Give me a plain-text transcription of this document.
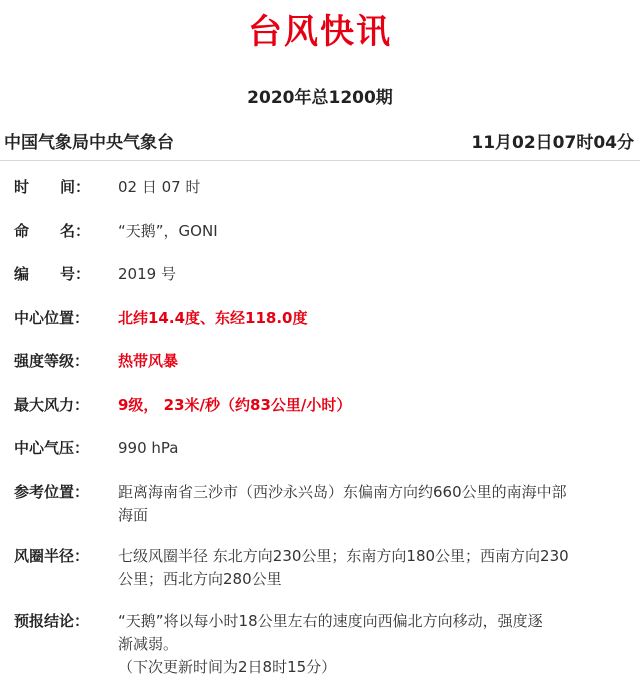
台风快讯
2020年总1200期
中国气象局中央气象台	11月02日07时04分
时 间： 02 日 07 时
命 名： “天鹅”，GONI
编 号： 2019 号
中心位置：	北纬14.4度、东经118.0度
强度等级：	热带风暴
最大风力：	9级， 23米/秒（约83公里/小时）
中心气压：	990 hPa
参考位置：	距离海南省三沙市（西沙永兴岛）东偏南方向约660公里的南海中部
海面
风圈半径：	七级风圈半径 东北方向230公里；东南方向180公里；西南方向230
公里；西北方向280公里
预报结论：	“天鹅”将以每小时18公里左右的速度向西偏北方向移动，强度逐
渐减弱。
（下次更新时间为2日8时15分）
